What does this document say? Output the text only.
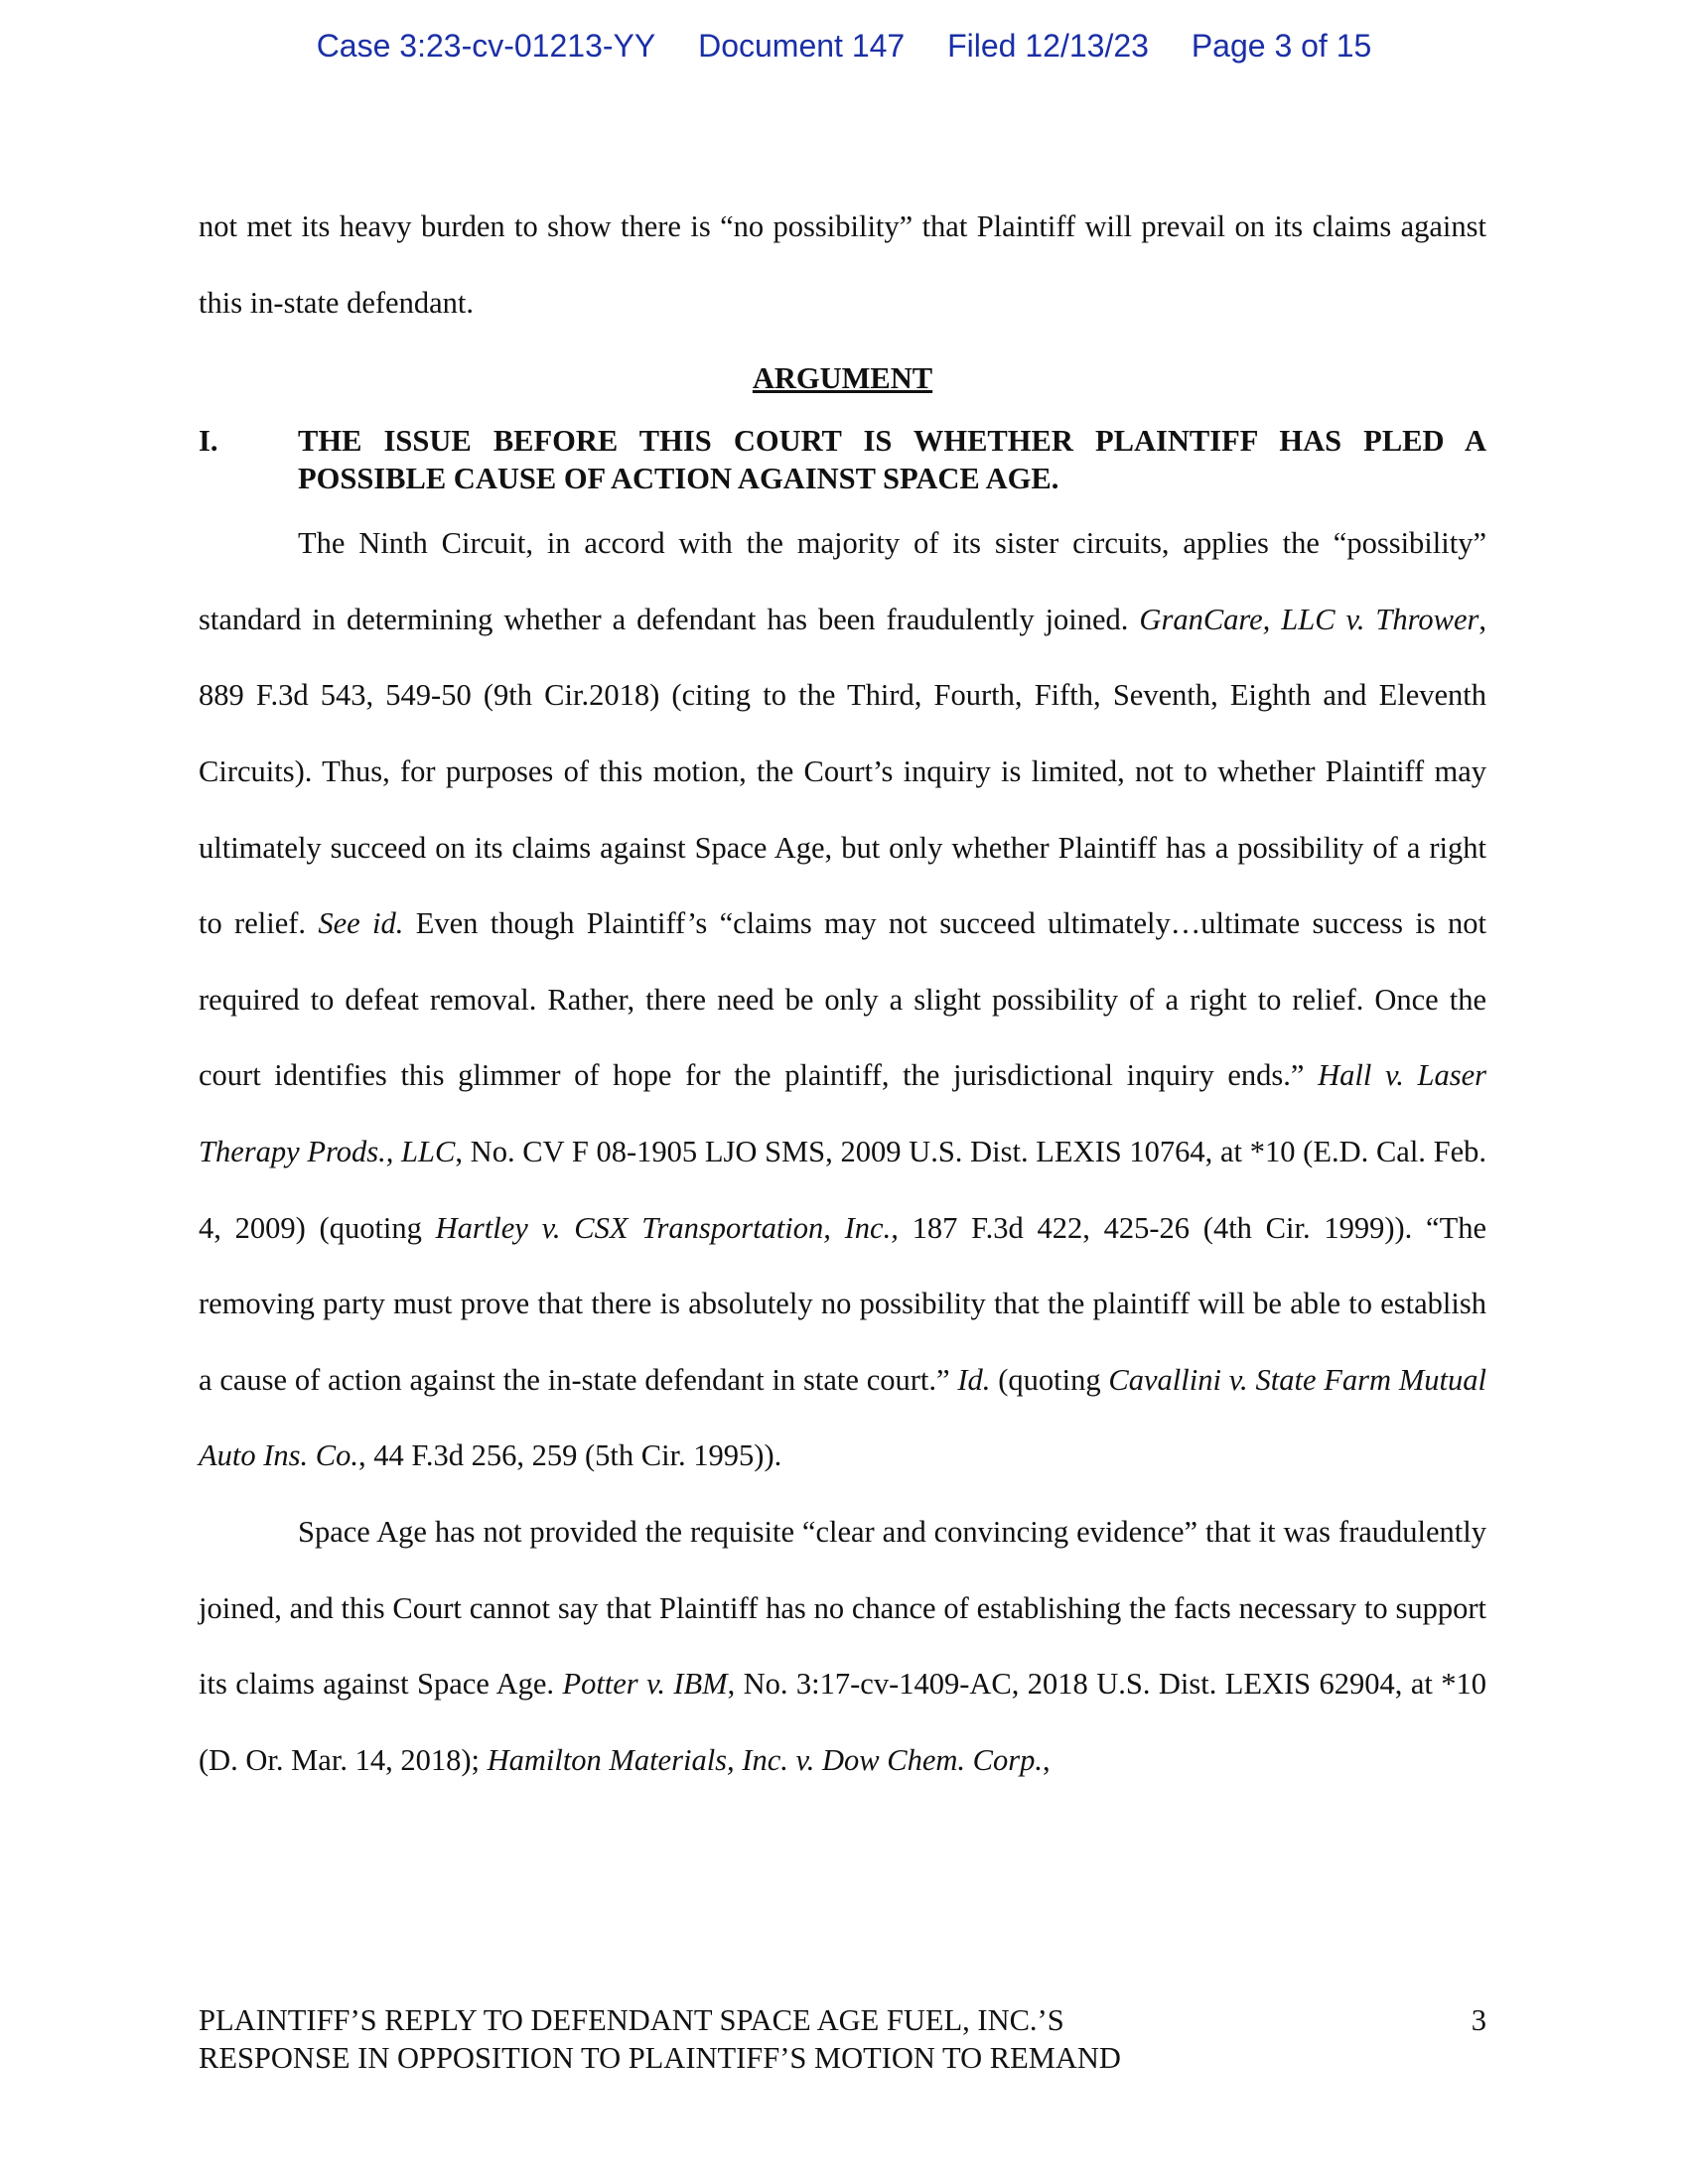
Case 3:23-cv-01213-YY Document 147 Filed 12/13/23 Page 3 of 15

not met its heavy burden to show there is “no possibility” that Plaintiff will prevail on its claims against this in-state defendant.

ARGUMENT

I.	THE ISSUE BEFORE THIS COURT IS WHETHER PLAINTIFF HAS PLED A POSSIBLE CAUSE OF ACTION AGAINST SPACE AGE.

The Ninth Circuit, in accord with the majority of its sister circuits, applies the “possibility” standard in determining whether a defendant has been fraudulently joined. GranCare, LLC v. Thrower, 889 F.3d 543, 549-50 (9th Cir.2018) (citing to the Third, Fourth, Fifth, Seventh, Eighth and Eleventh Circuits). Thus, for purposes of this motion, the Court’s inquiry is limited, not to whether Plaintiff may ultimately succeed on its claims against Space Age, but only whether Plaintiff has a possibility of a right to relief. See id. Even though Plaintiff’s “claims may not succeed ultimately…ultimate success is not required to defeat removal. Rather, there need be only a slight possibility of a right to relief. Once the court identifies this glimmer of hope for the plaintiff, the jurisdictional inquiry ends.” Hall v. Laser Therapy Prods., LLC, No. CV F 08-1905 LJO SMS, 2009 U.S. Dist. LEXIS 10764, at *10 (E.D. Cal. Feb. 4, 2009) (quoting Hartley v. CSX Transportation, Inc., 187 F.3d 422, 425-26 (4th Cir. 1999)). “The removing party must prove that there is absolutely no possibility that the plaintiff will be able to establish a cause of action against the in-state defendant in state court.” Id. (quoting Cavallini v. State Farm Mutual Auto Ins. Co., 44 F.3d 256, 259 (5th Cir. 1995)).

Space Age has not provided the requisite “clear and convincing evidence” that it was fraudulently joined, and this Court cannot say that Plaintiff has no chance of establishing the facts necessary to support its claims against Space Age. Potter v. IBM, No. 3:17-cv-1409-AC, 2018 U.S. Dist. LEXIS 62904, at *10 (D. Or. Mar. 14, 2018); Hamilton Materials, Inc. v. Dow Chem. Corp.,

PLAINTIFF’S REPLY TO DEFENDANT SPACE AGE FUEL, INC.’S
RESPONSE IN OPPOSITION TO PLAINTIFF’S MOTION TO REMAND
3
